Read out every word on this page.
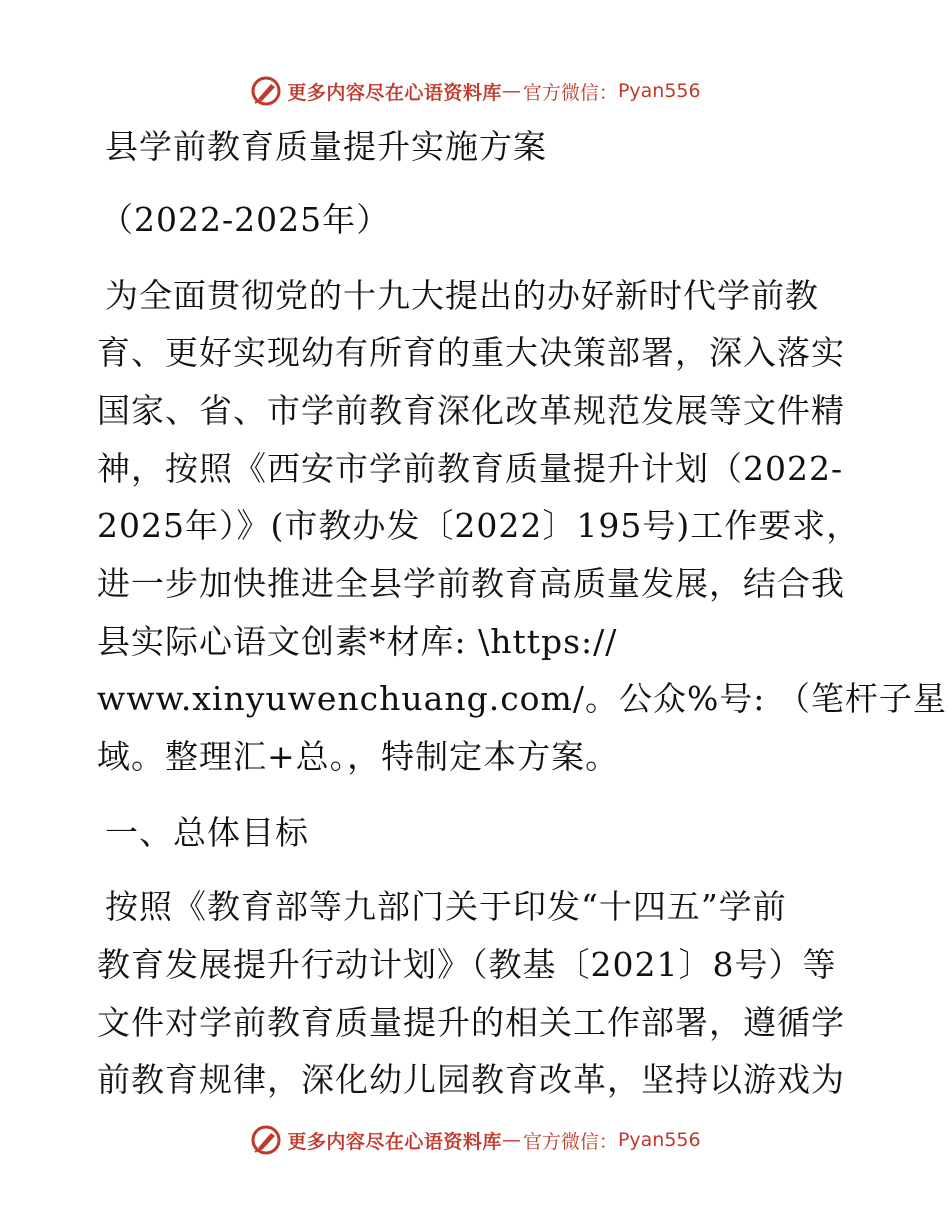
更多内容尽在心语资料库 — 官方微信： Pyan556
县学前教育质量提升实施方案
（2022-2025年）
为全面贯彻党的十九大提出的办好新时代学前教
育、更好实现幼有所育的重大决策部署，深入落实
国家、省、市学前教育深化改革规范发展等文件精
神，按照《西安市学前教育质量提升计划（2022-
2025年）》(市教办发〔2022〕195号)工作要求，
进一步加快推进全县学前教育高质量发展，结合我
县实际心语文创素*材库: \https://
www.xinyuwenchuang.com/。公众%号: （笔杆子星
域。整理汇+总。，特制定本方案。
一、总体目标
按照《教育部等九部门关于印发“十四五”学前
教育发展提升行动计划》（教基〔2021〕8号）等
文件对学前教育质量提升的相关工作部署，遵循学
前教育规律，深化幼儿园教育改革，坚持以游戏为
更多内容尽在心语资料库 — 官方微信： Pyan556
